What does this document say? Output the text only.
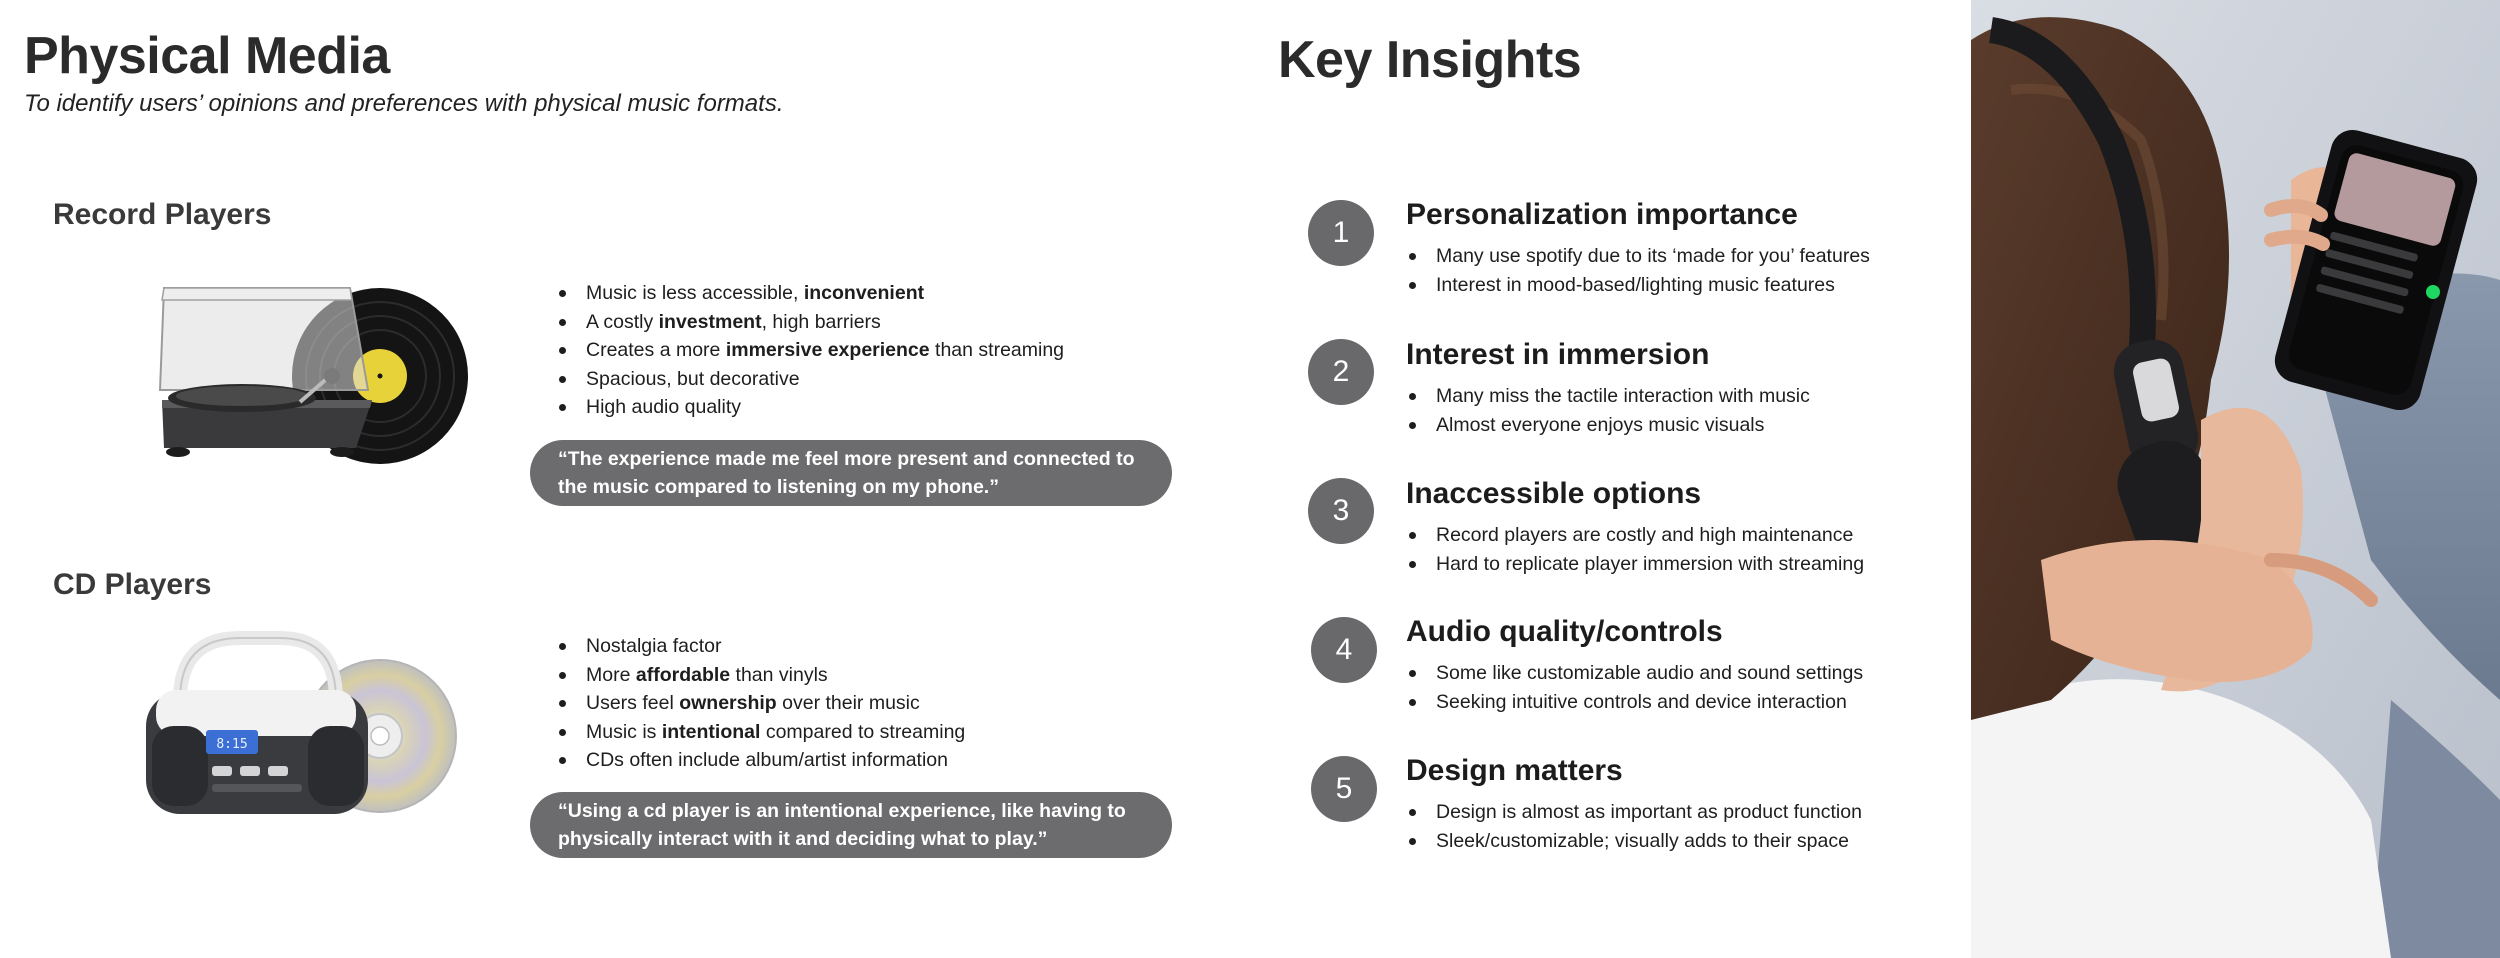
Physical Media

To identify users’ opinions and preferences with physical music formats.

Record Players
Music is less accessible, inconvenient
A costly investment, high barriers
Creates a more immersive experience than streaming
Spacious, but decorative
High audio quality
“The experience made me feel more present and connected to
the music compared to listening on my phone.”
CD Players
8:15
Nostalgia factor
More affordable than vinyls
Users feel ownership over their music
Music is intentional compared to streaming
CDs often include album/artist information
“Using a cd player is an intentional experience, like having to
physically interact with it and deciding what to play.”
Key Insights
1
Personalization importance
Many use spotify due to its ‘made for you’ features
Interest in mood-based/lighting music features
2
Interest in immersion
Many miss the tactile interaction with music
Almost everyone enjoys music visuals
3
Inaccessible options
Record players are costly and high maintenance
Hard to replicate player immersion with streaming
4
Audio quality/controls
Some like customizable audio and sound settings
Seeking intuitive controls and device interaction
5
Design matters
Design is almost as important as product function
Sleek/customizable; visually adds to their space
